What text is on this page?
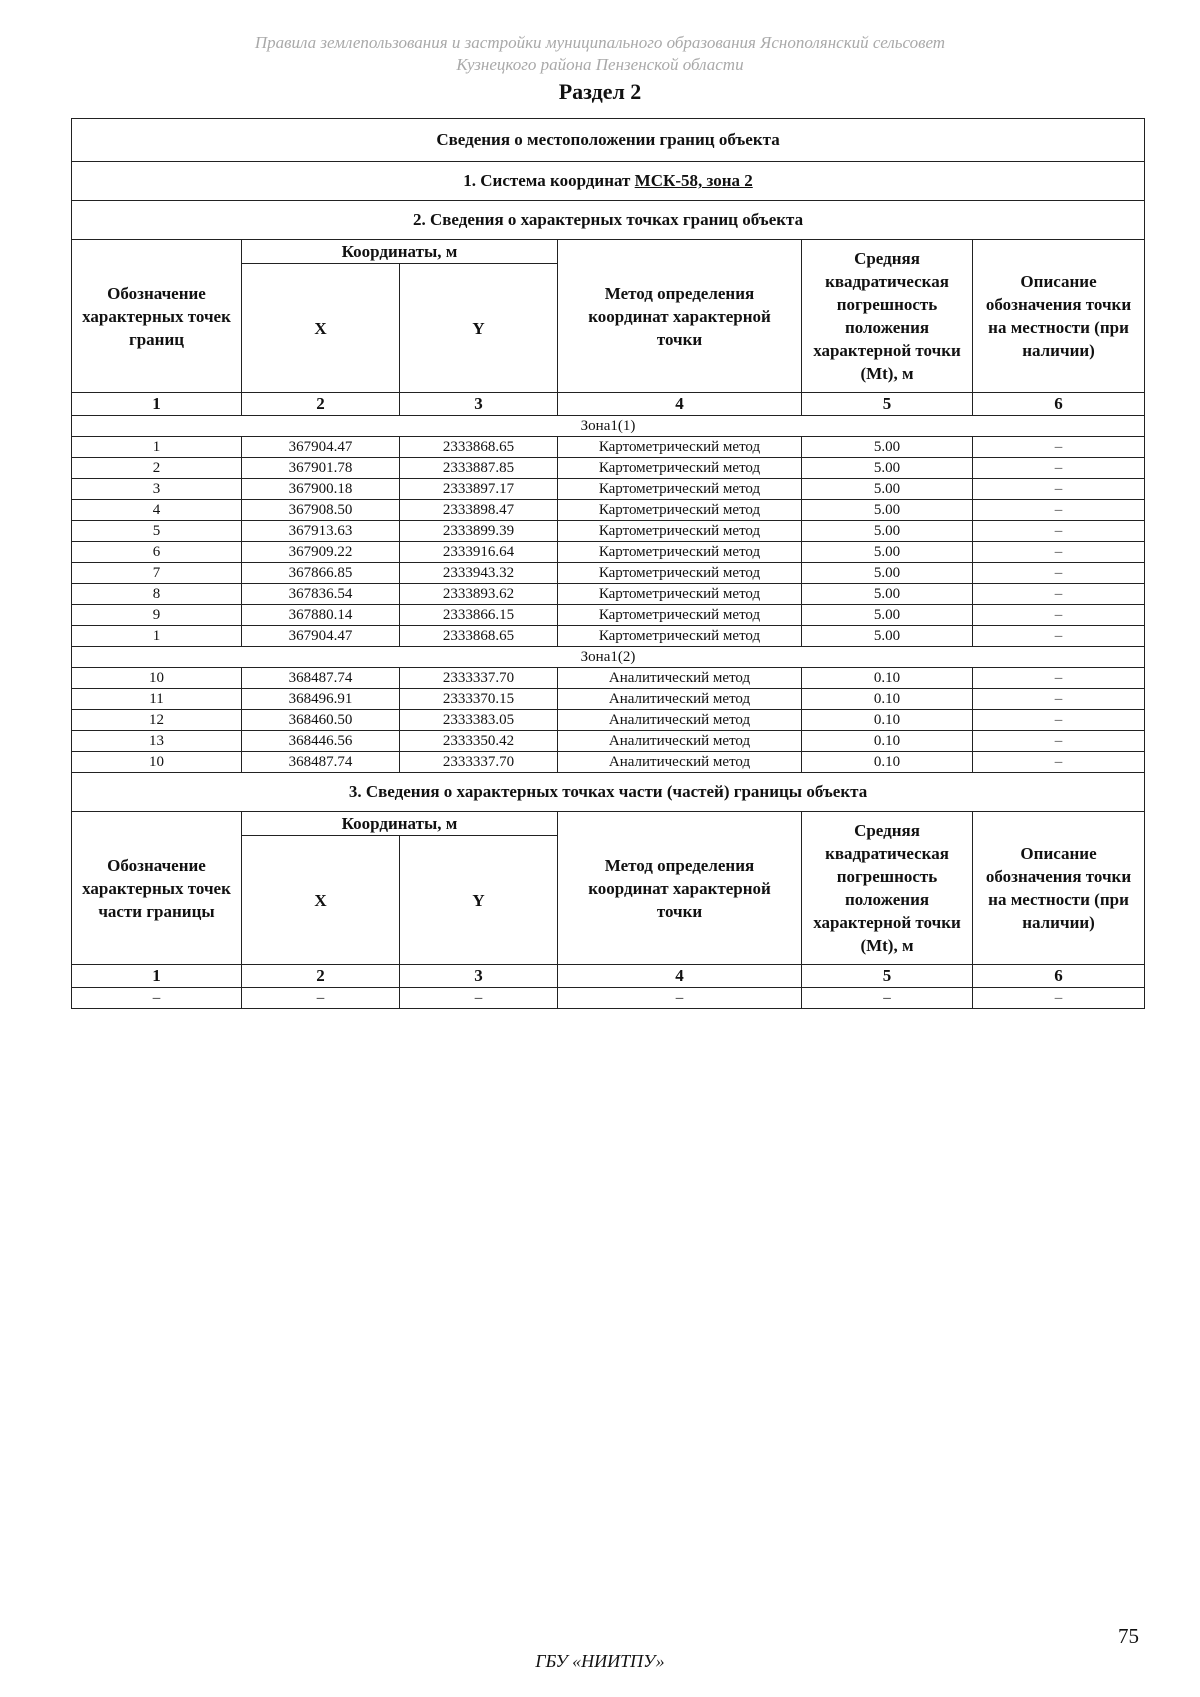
Правила землепользования и застройки муниципального образования Яснополянский сельсовет
Кузнецкого района Пензенской области
Раздел 2
Сведения о местоположении границ объекта					
1. Система координат МСК-58, зона 2					
2. Сведения о характерных точках границ объекта					
Обозначение характерных точек границ	Координаты, м		Метод определения координат характерной точки	Средняя квадратическая погрешность положения характерной точки (Mt), м	Описание обозначения точки на местности (при наличии)
	X	Y			
1	2	3	4	5	6
Зона1(1)					
1	367904.47	2333868.65	Картометрический метод	5.00	–
2	367901.78	2333887.85	Картометрический метод	5.00	–
3	367900.18	2333897.17	Картометрический метод	5.00	–
4	367908.50	2333898.47	Картометрический метод	5.00	–
5	367913.63	2333899.39	Картометрический метод	5.00	–
6	367909.22	2333916.64	Картометрический метод	5.00	–
7	367866.85	2333943.32	Картометрический метод	5.00	–
8	367836.54	2333893.62	Картометрический метод	5.00	–
9	367880.14	2333866.15	Картометрический метод	5.00	–
1	367904.47	2333868.65	Картометрический метод	5.00	–
Зона1(2)					
10	368487.74	2333337.70	Аналитический метод	0.10	–
11	368496.91	2333370.15	Аналитический метод	0.10	–
12	368460.50	2333383.05	Аналитический метод	0.10	–
13	368446.56	2333350.42	Аналитический метод	0.10	–
10	368487.74	2333337.70	Аналитический метод	0.10	–
3. Сведения о характерных точках части (частей) границы объекта					
Обозначение характерных точек части границы	Координаты, м		Метод определения координат характерной точки	Средняя квадратическая погрешность положения характерной точки (Mt), м	Описание обозначения точки на местности (при наличии)
	X	Y			
1	2	3	4	5	6
–	–	–	–	–	–
75
ГБУ «НИИТПУ»
